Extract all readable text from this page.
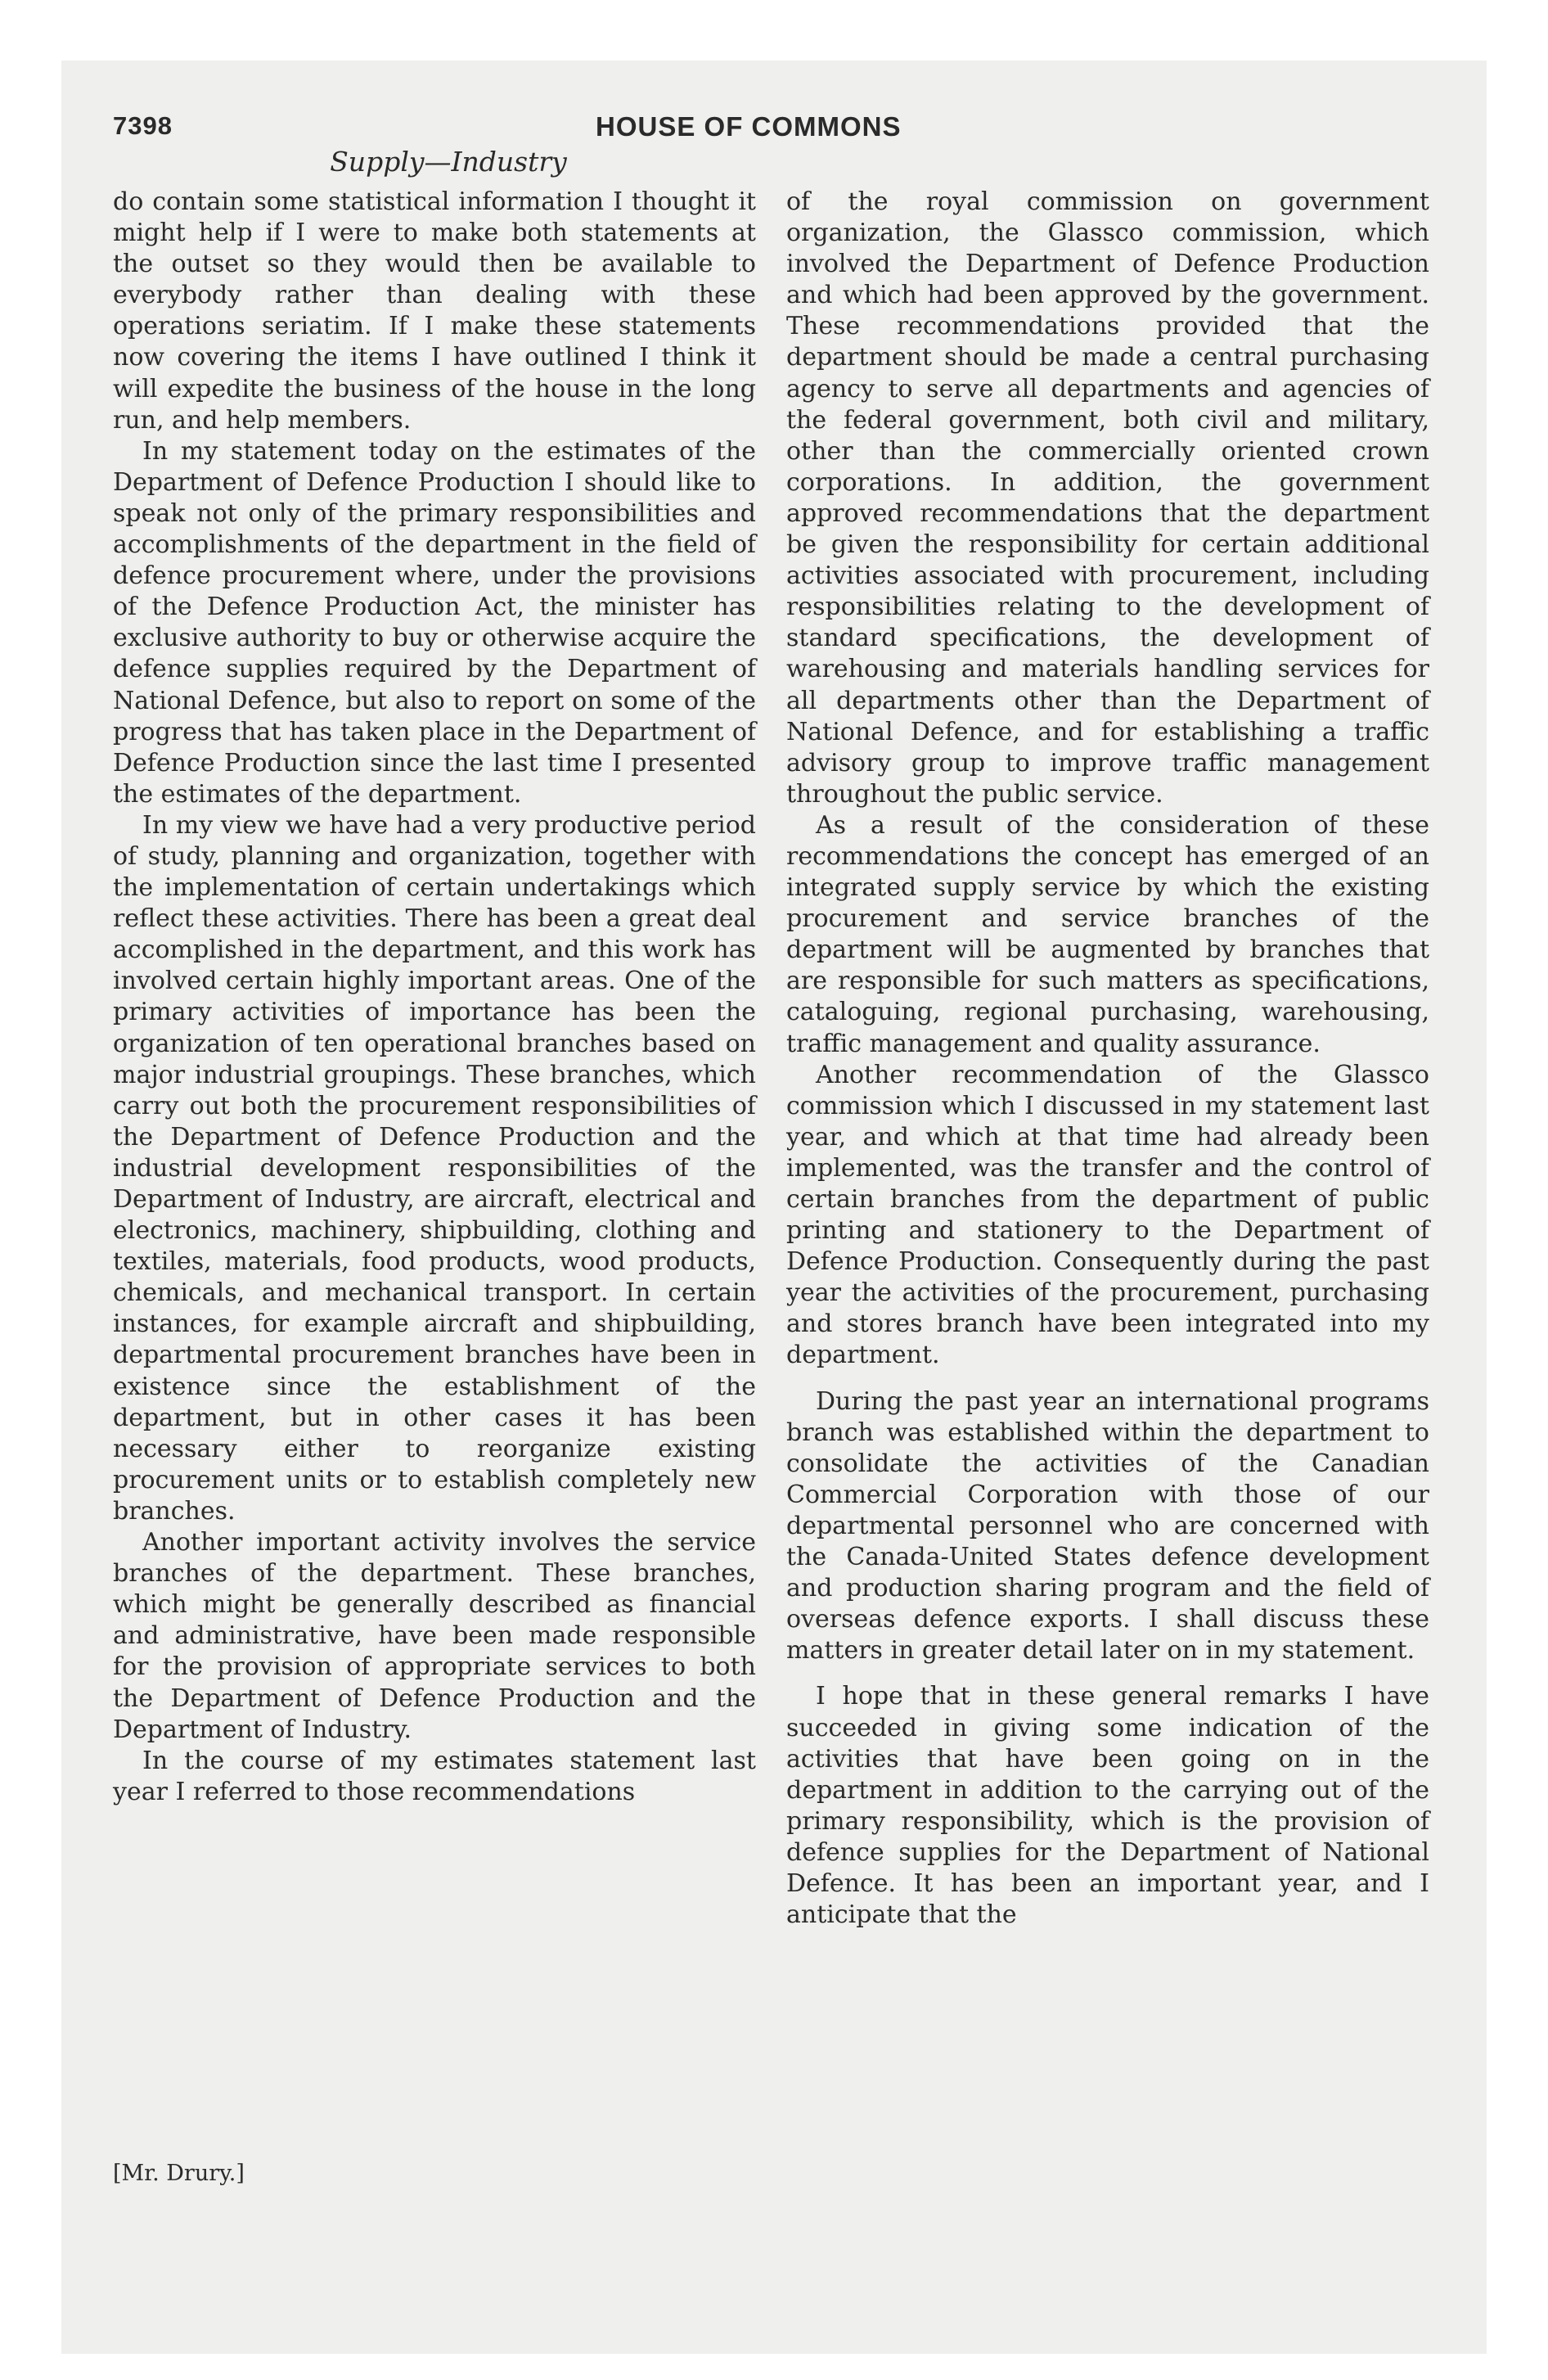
7398	HOUSE OF COMMONS
Supply—Industry

do contain some statistical information I thought it might help if I were to make both statements at the outset so they would then be available to everybody rather than dealing with these operations seriatim. If I make these statements now covering the items I have outlined I think it will expedite the business of the house in the long run, and help members.

In my statement today on the estimates of the Department of Defence Production I should like to speak not only of the primary responsibilities and accomplishments of the department in the field of defence procurement where, under the provisions of the Defence Production Act, the minister has exclusive authority to buy or otherwise acquire the defence supplies required by the Department of National Defence, but also to report on some of the progress that has taken place in the Department of Defence Production since the last time I presented the estimates of the department.

In my view we have had a very productive period of study, planning and organization, together with the implementation of certain undertakings which reflect these activities. There has been a great deal accomplished in the department, and this work has involved certain highly important areas. One of the primary activities of importance has been the organization of ten operational branches based on major industrial groupings. These branches, which carry out both the procurement responsibilities of the Department of Defence Production and the industrial development responsibilities of the Department of Industry, are aircraft, electrical and electronics, machinery, shipbuilding, clothing and textiles, materials, food products, wood products, chemicals, and mechanical transport. In certain instances, for example aircraft and shipbuilding, departmental procurement branches have been in existence since the establishment of the department, but in other cases it has been necessary either to reorganize existing procurement units or to establish completely new branches.

Another important activity involves the service branches of the department. These branches, which might be generally described as financial and administrative, have been made responsible for the provision of appropriate services to both the Department of Defence Production and the Department of Industry.

In the course of my estimates statement last year I referred to those recommendations

[Mr. Drury.]

of the royal commission on government organization, the Glassco commission, which involved the Department of Defence Production and which had been approved by the government. These recommendations provided that the department should be made a central purchasing agency to serve all departments and agencies of the federal government, both civil and military, other than the commercially oriented crown corporations. In addition, the government approved recommendations that the department be given the responsibility for certain additional activities associated with procurement, including responsibilities relating to the development of standard specifications, the development of warehousing and materials handling services for all departments other than the Department of National Defence, and for establishing a traffic advisory group to improve traffic management throughout the public service.

As a result of the consideration of these recommendations the concept has emerged of an integrated supply service by which the existing procurement and service branches of the department will be augmented by branches that are responsible for such matters as specifications, cataloguing, regional purchasing, warehousing, traffic management and quality assurance.

Another recommendation of the Glassco commission which I discussed in my statement last year, and which at that time had already been implemented, was the transfer and the control of certain branches from the department of public printing and stationery to the Department of Defence Production. Consequently during the past year the activities of the procurement, purchasing and stores branch have been integrated into my department.

During the past year an international programs branch was established within the department to consolidate the activities of the Canadian Commercial Corporation with those of our departmental personnel who are concerned with the Canada-United States defence development and production sharing program and the field of overseas defence exports. I shall discuss these matters in greater detail later on in my statement.

I hope that in these general remarks I have succeeded in giving some indication of the activities that have been going on in the department in addition to the carrying out of the primary responsibility, which is the provision of defence supplies for the Department of National Defence. It has been an important year, and I anticipate that the
